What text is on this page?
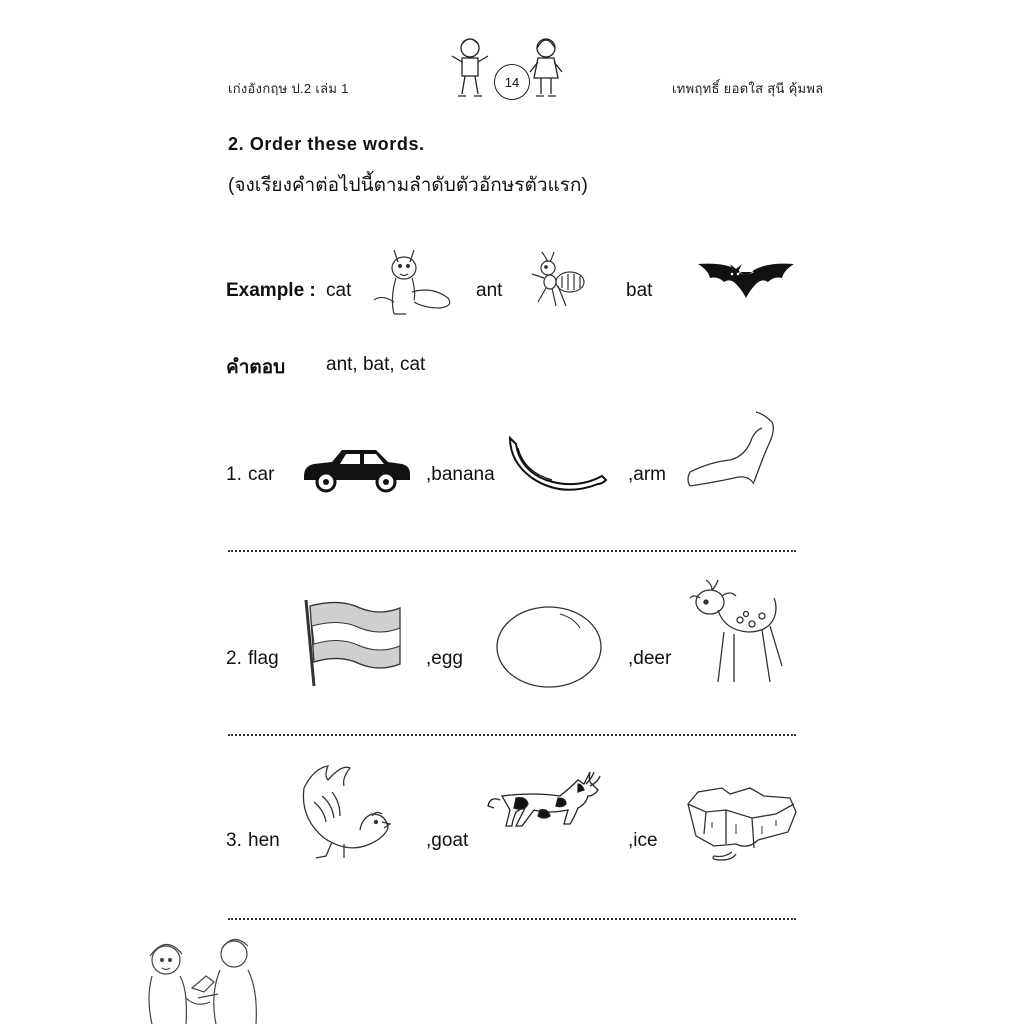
เก่งอังกฤษ ป.2 เล่ม 1	14	เทพฤทธิ์ ยอดใส สุนี คุ้มพล
2. Order these words.
(จงเรียงคำต่อไปนี้ตามลำดับตัวอักษรตัวแรก)
Example : cat	ant	bat
คำตอบ ant, bat, cat
1. car	,banana	,arm
2. flag	,egg	,deer
3. hen	,goat	,ice
